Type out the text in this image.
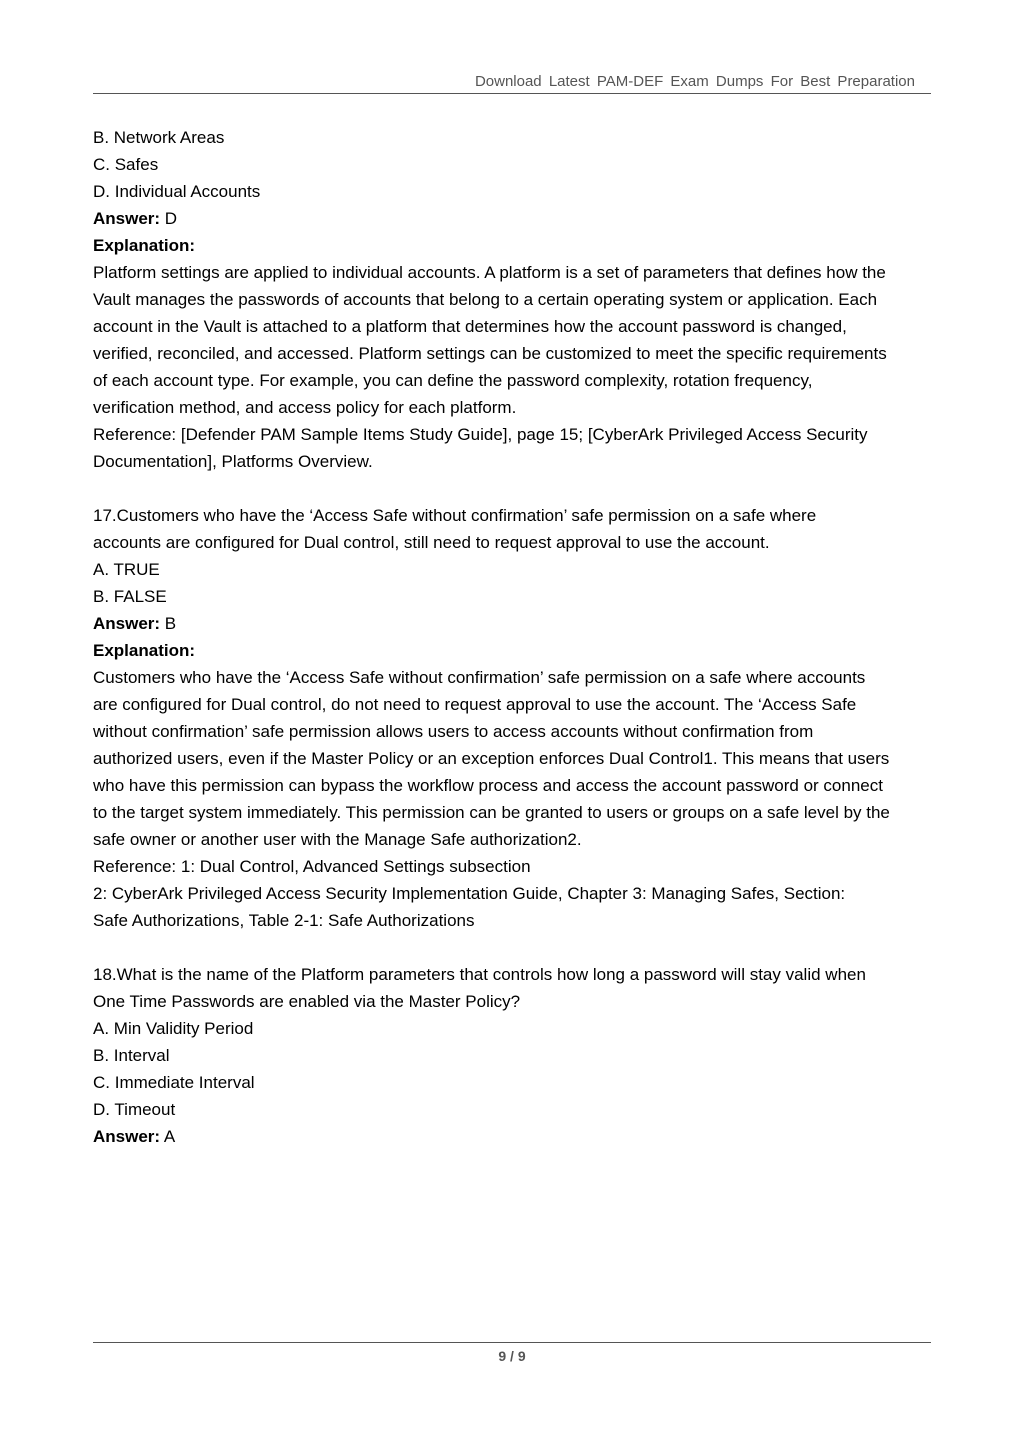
Download Latest PAM-DEF Exam Dumps For Best Preparation
B. Network Areas
C. Safes
D. Individual Accounts
Answer: D
Explanation:
Platform settings are applied to individual accounts. A platform is a set of parameters that defines how the
Vault manages the passwords of accounts that belong to a certain operating system or application. Each
account in the Vault is attached to a platform that determines how the account password is changed,
verified, reconciled, and accessed. Platform settings can be customized to meet the specific requirements
of each account type. For example, you can define the password complexity, rotation frequency,
verification method, and access policy for each platform.
Reference: [Defender PAM Sample Items Study Guide], page 15; [CyberArk Privileged Access Security
Documentation], Platforms Overview.
17.Customers who have the ‘Access Safe without confirmation’ safe permission on a safe where
accounts are configured for Dual control, still need to request approval to use the account.
A. TRUE
B. FALSE
Answer: B
Explanation:
Customers who have the ‘Access Safe without confirmation’ safe permission on a safe where accounts
are configured for Dual control, do not need to request approval to use the account. The ‘Access Safe
without confirmation’ safe permission allows users to access accounts without confirmation from
authorized users, even if the Master Policy or an exception enforces Dual Control1. This means that users
who have this permission can bypass the workflow process and access the account password or connect
to the target system immediately. This permission can be granted to users or groups on a safe level by the
safe owner or another user with the Manage Safe authorization2.
Reference: 1: Dual Control, Advanced Settings subsection
2: CyberArk Privileged Access Security Implementation Guide, Chapter 3: Managing Safes, Section:
Safe Authorizations, Table 2-1: Safe Authorizations
18.What is the name of the Platform parameters that controls how long a password will stay valid when
One Time Passwords are enabled via the Master Policy?
A. Min Validity Period
B. Interval
C. Immediate Interval
D. Timeout
Answer: A
9 / 9
